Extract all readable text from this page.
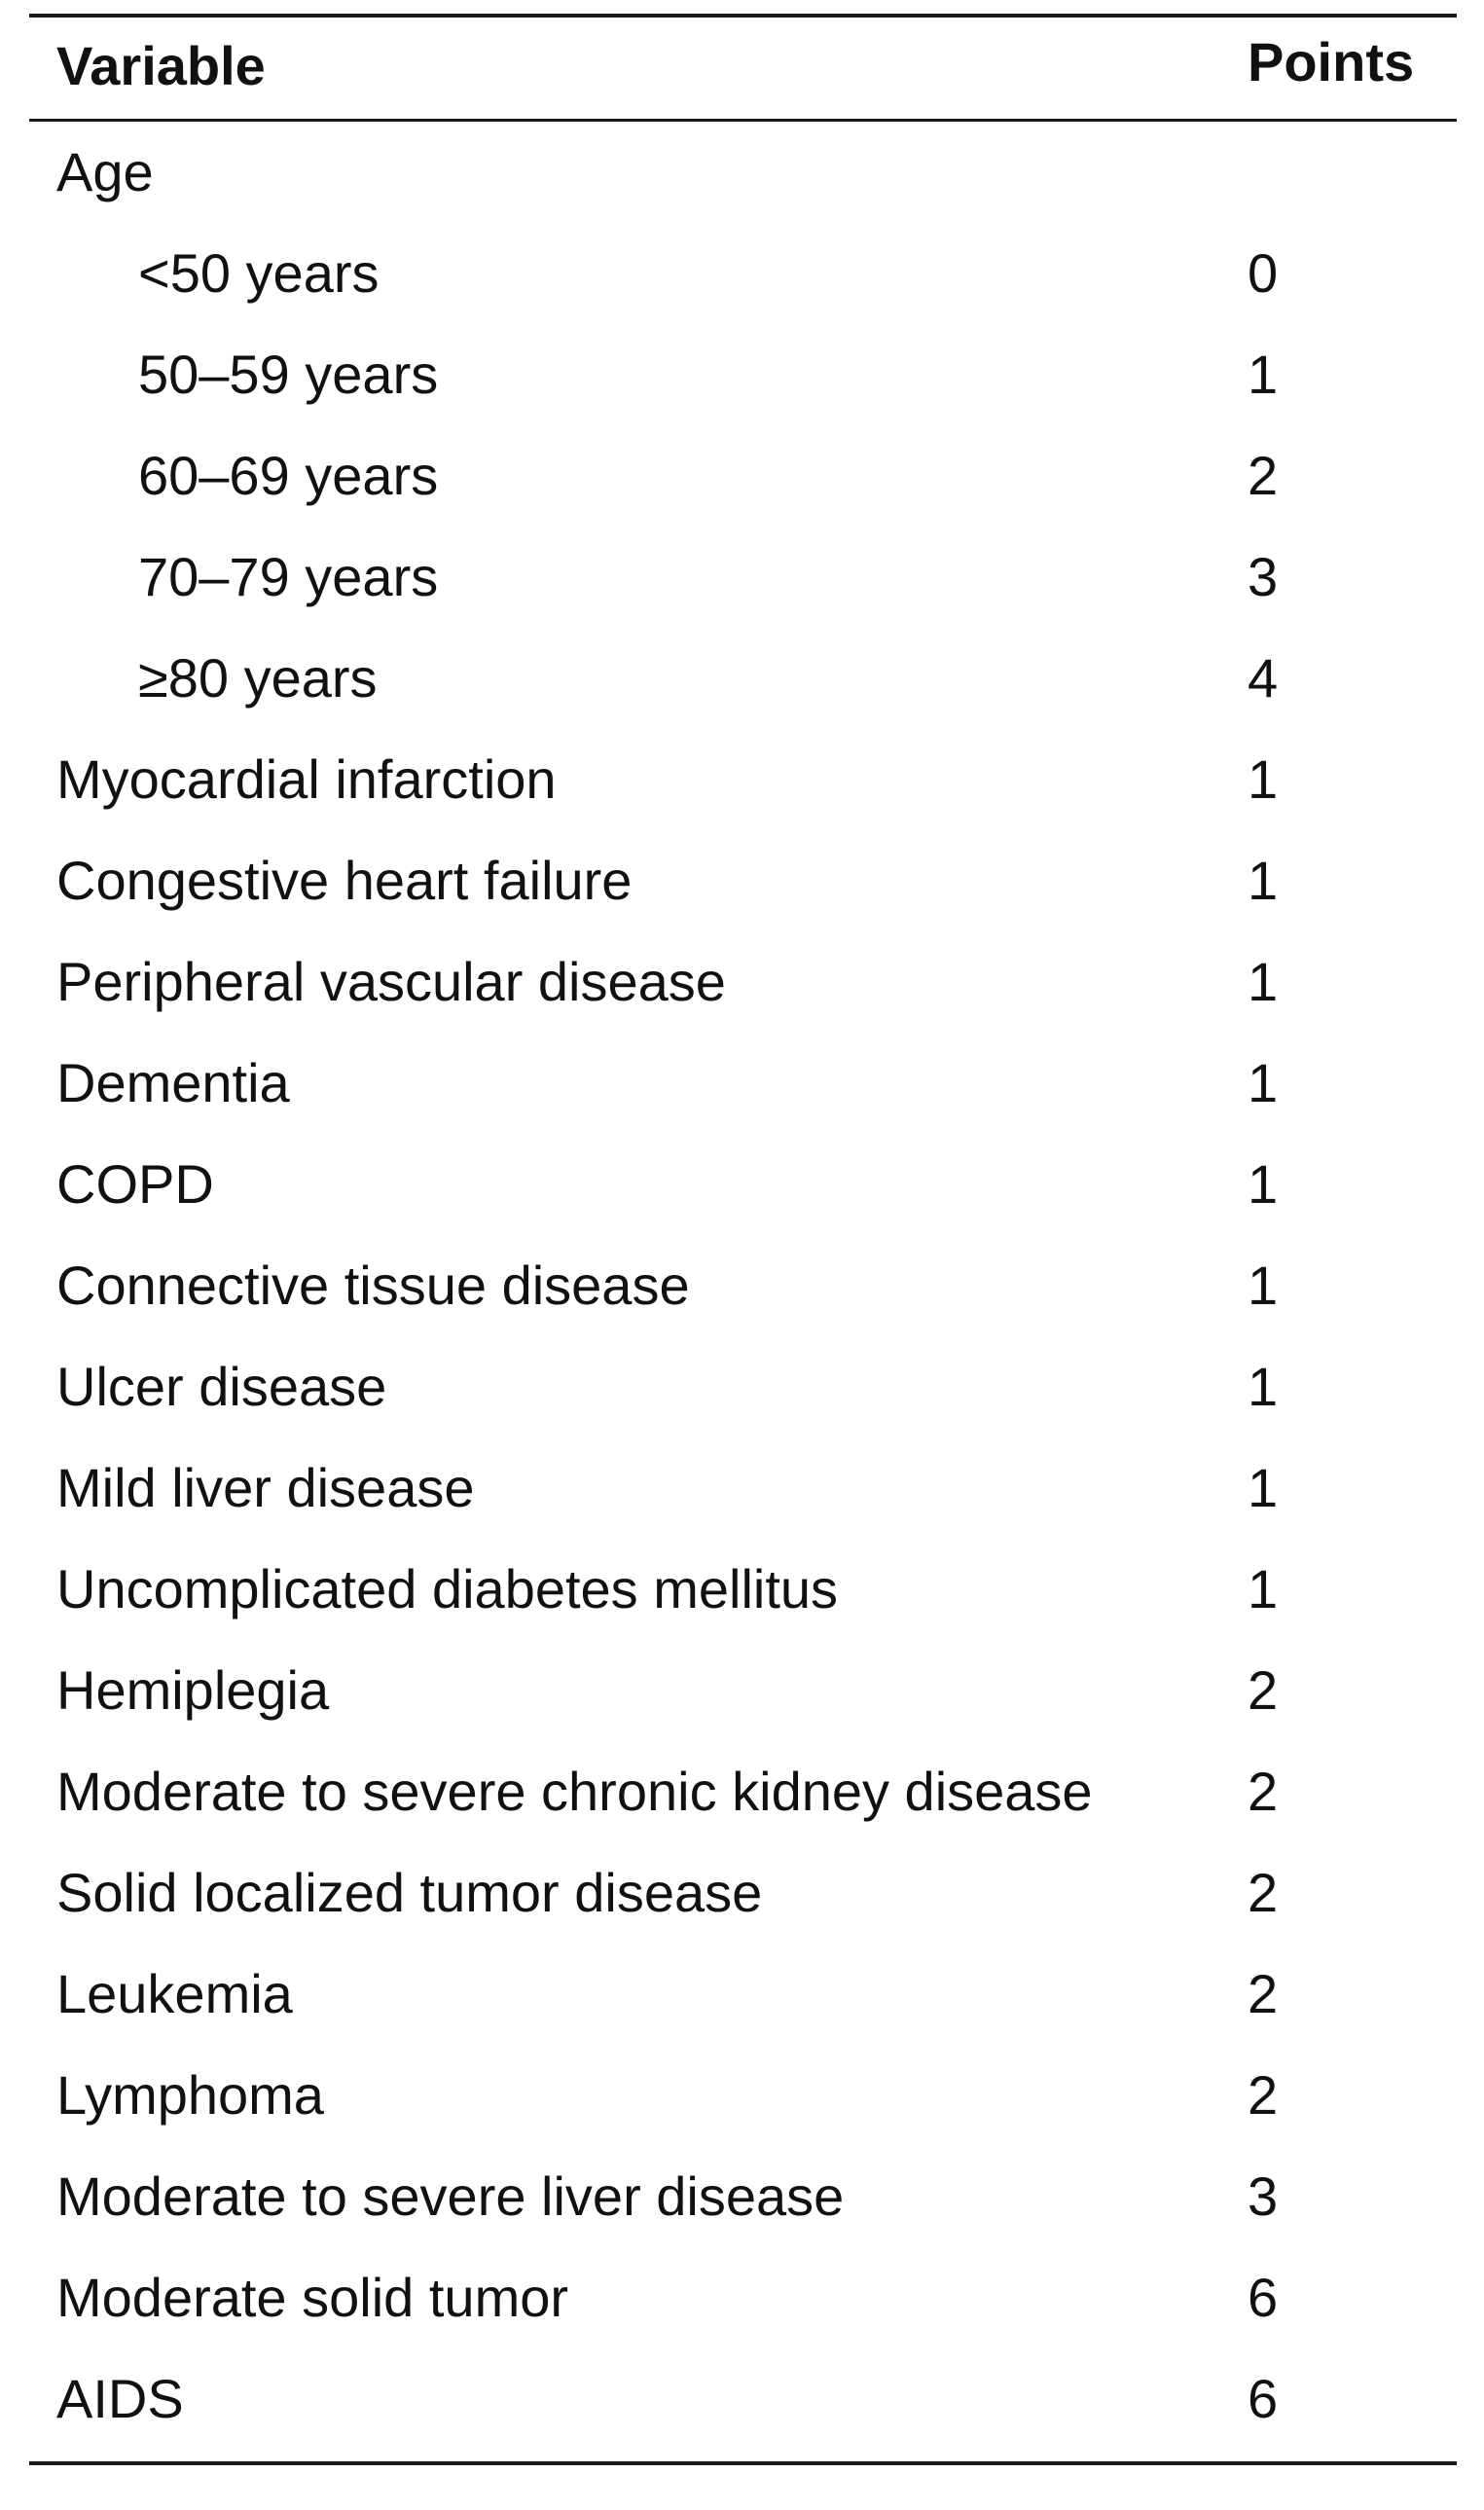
Variable	Points
Age
<50 years	0
50–59 years	1
60–69 years	2
70–79 years	3
≥80 years	4
Myocardial infarction	1
Congestive heart failure	1
Peripheral vascular disease	1
Dementia	1
COPD	1
Connective tissue disease	1
Ulcer disease	1
Mild liver disease	1
Uncomplicated diabetes mellitus	1
Hemiplegia	2
Moderate to severe chronic kidney disease	2
Solid localized tumor disease	2
Leukemia	2
Lymphoma	2
Moderate to severe liver disease	3
Moderate solid tumor	6
AIDS	6
